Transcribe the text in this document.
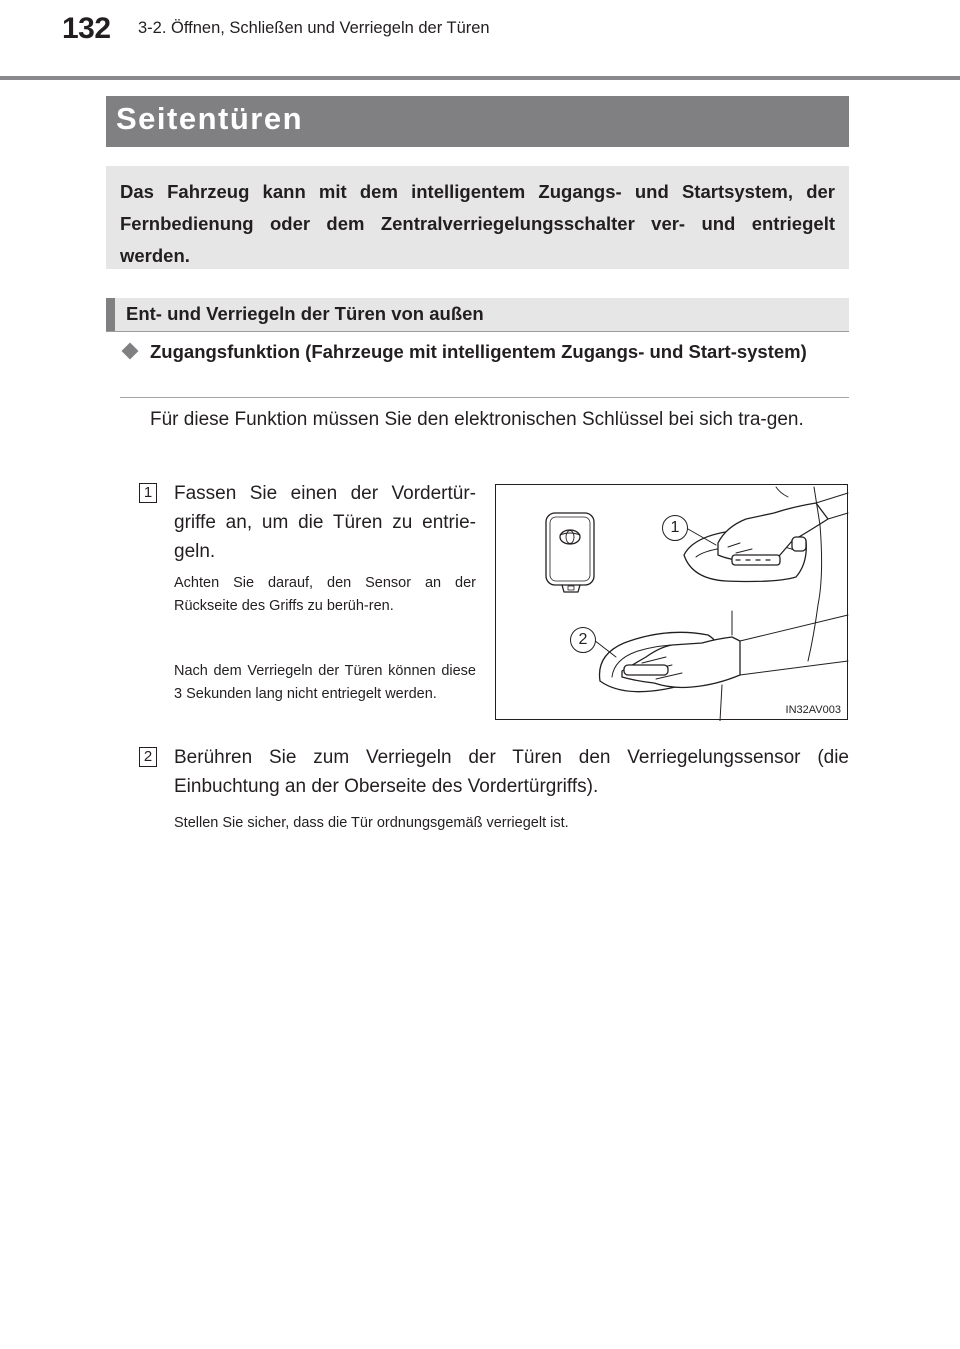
132 3-2. Öffnen, Schließen und Verriegeln der Türen
Seitentüren

Das Fahrzeug kann mit dem intelligentem Zugangs- und Startsystem, der Fernbedienung oder dem Zentralverriegelungsschalter ver- und entriegelt werden.

Ent- und Verriegeln der Türen von außen

Zugangsfunktion (Fahrzeuge mit intelligentem Zugangs- und Start-system)

Für diese Funktion müssen Sie den elektronischen Schlüssel bei sich tra-gen.

1 Fassen Sie einen der Vordertür-griffe an, um die Türen zu entrie-geln.

Achten Sie darauf, den Sensor an der Rückseite des Griffs zu berüh-ren.

Nach dem Verriegeln der Türen können diese 3 Sekunden lang nicht entriegelt werden.

2 Berühren Sie zum Verriegeln der Türen den Verriegelungssensor (die Einbuchtung an der Oberseite des Vordertürgriffs).

Stellen Sie sicher, dass die Tür ordnungsgemäß verriegelt ist.

1
2
IN32AV003
